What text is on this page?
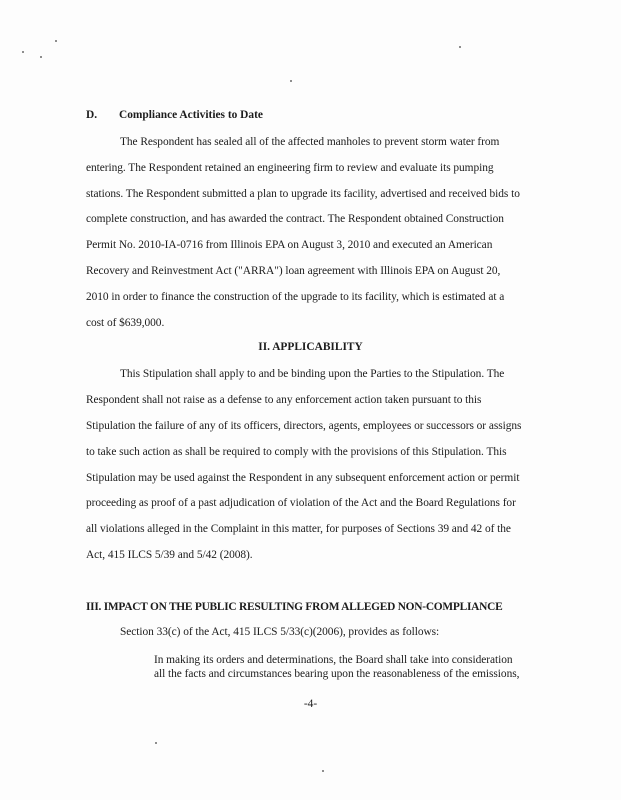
D. Compliance Activities to Date
The Respondent has sealed all of the affected manholes to prevent storm water from
entering. The Respondent retained an engineering firm to review and evaluate its pumping
stations. The Respondent submitted a plan to upgrade its facility, advertised and received bids to
complete construction, and has awarded the contract. The Respondent obtained Construction
Permit No. 2010-IA-0716 from Illinois EPA on August 3, 2010 and executed an American
Recovery and Reinvestment Act ("ARRA") loan agreement with Illinois EPA on August 20,
2010 in order to finance the construction of the upgrade to its facility, which is estimated at a
cost of $639,000.
II. APPLICABILITY
This Stipulation shall apply to and be binding upon the Parties to the Stipulation. The
Respondent shall not raise as a defense to any enforcement action taken pursuant to this
Stipulation the failure of any of its officers, directors, agents, employees or successors or assigns
to take such action as shall be required to comply with the provisions of this Stipulation. This
Stipulation may be used against the Respondent in any subsequent enforcement action or permit
proceeding as proof of a past adjudication of violation of the Act and the Board Regulations for
all violations alleged in the Complaint in this matter, for purposes of Sections 39 and 42 of the
Act, 415 ILCS 5/39 and 5/42 (2008).
III. IMPACT ON THE PUBLIC RESULTING FROM ALLEGED NON-COMPLIANCE
Section 33(c) of the Act, 415 ILCS 5/33(c)(2006), provides as follows:
In making its orders and determinations, the Board shall take into consideration
all the facts and circumstances bearing upon the reasonableness of the emissions,
-4-
